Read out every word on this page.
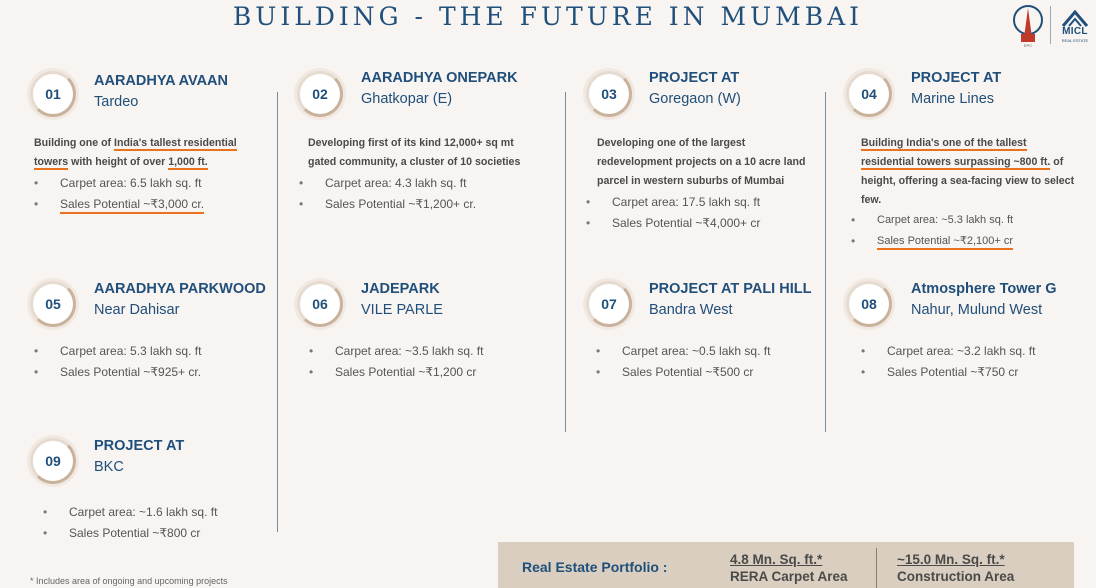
BUILDING - THE FUTURE IN MUMBAI
EPC
MICL
REAL ESTATE
01
AARADHYA AVAAN
Tardeo
Building one of India's tallest residential towers with height of over 1,000 ft.
• Carpet area: 6.5 lakh sq. ft
• Sales Potential ~₹3,000 cr.
02
AARADHYA ONEPARK
Ghatkopar (E)
Developing first of its kind 12,000+ sq mt gated community, a cluster of 10 societies
• Carpet area: 4.3 lakh sq. ft
• Sales Potential ~₹1,200+ cr.
03
PROJECT AT
Goregaon (W)
Developing one of the largest redevelopment projects on a 10 acre land parcel in western suburbs of Mumbai
• Carpet area: 17.5 lakh sq. ft
• Sales Potential ~₹4,000+ cr
04
PROJECT AT
Marine Lines
Building India's one of the tallest residential towers surpassing ~800 ft. of height, offering a sea-facing view to select few.
• Carpet area: ~5.3 lakh sq. ft
• Sales Potential ~₹2,100+ cr
05
AARADHYA PARKWOOD
Near Dahisar
• Carpet area: 5.3 lakh sq. ft
• Sales Potential ~₹925+ cr.
06
JADEPARK
VILE PARLE
• Carpet area: ~3.5 lakh sq. ft
• Sales Potential ~₹1,200 cr
07
PROJECT AT PALI HILL
Bandra West
• Carpet area: ~0.5 lakh sq. ft
• Sales Potential ~₹500 cr
08
Atmosphere Tower G
Nahur, Mulund West
• Carpet area: ~3.2 lakh sq. ft
• Sales Potential ~₹750 cr
09
PROJECT AT
BKC
• Carpet area: ~1.6 lakh sq. ft
• Sales Potential ~₹800 cr
* Includes area of ongoing and upcoming projects
Real Estate Portfolio :	4.8 Mn. Sq. ft.*
RERA Carpet Area
~15.0 Mn. Sq. ft.*
Construction Area
